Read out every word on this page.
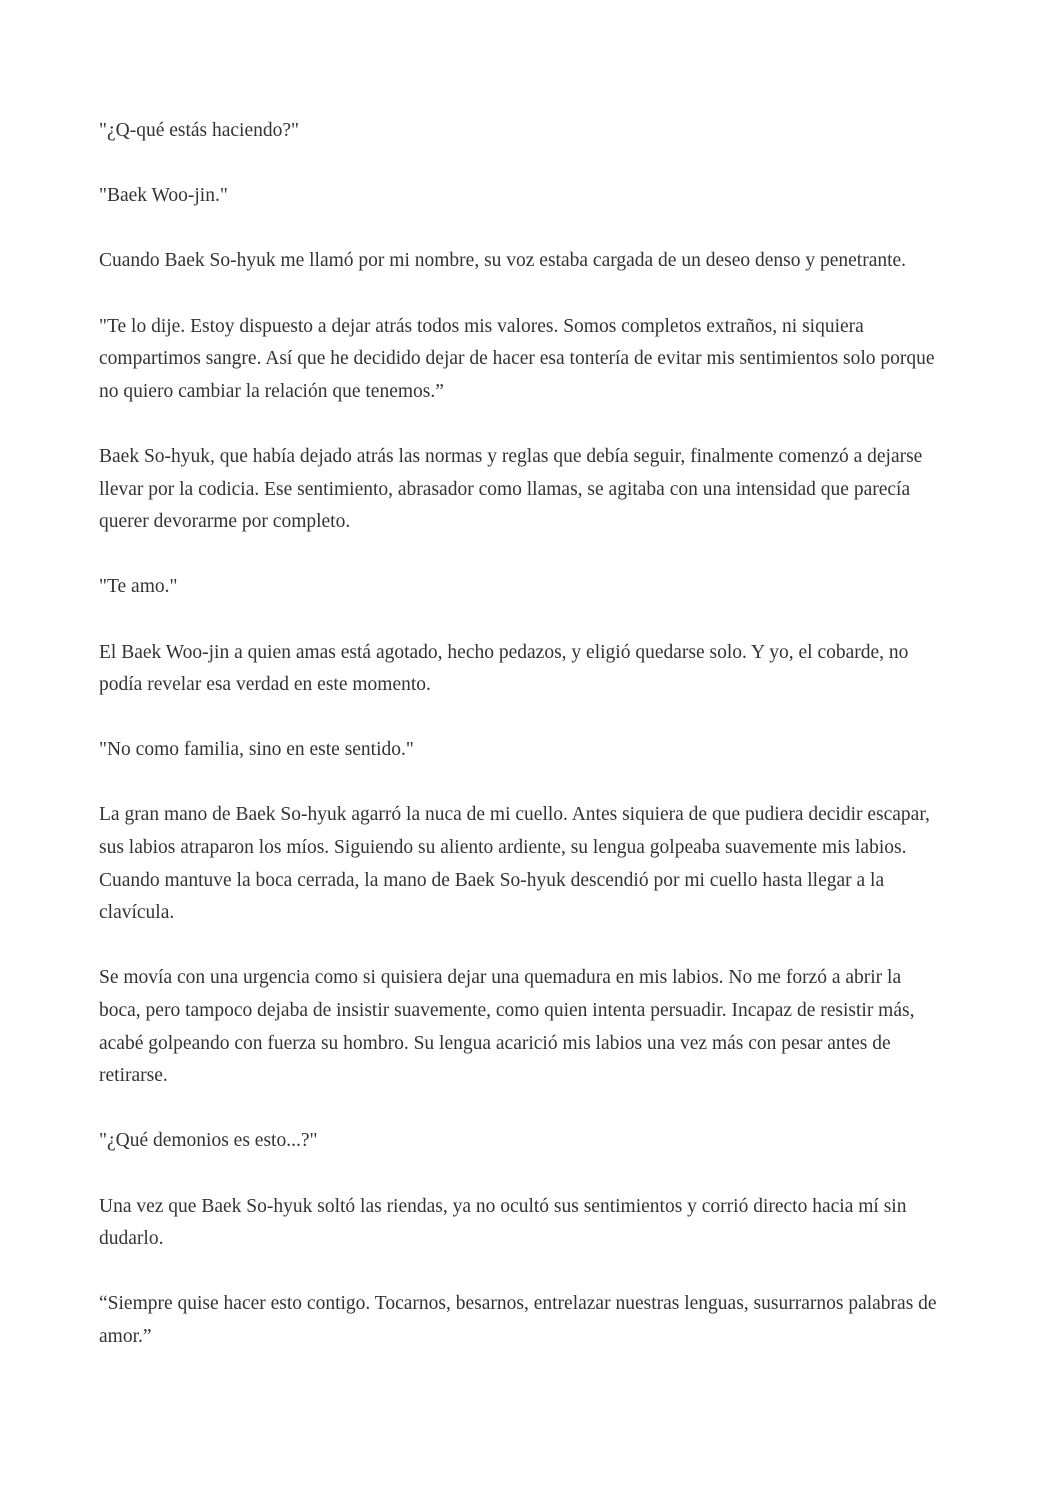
"¿Q-qué estás haciendo?"

"Baek Woo-jin."

Cuando Baek So-hyuk me llamó por mi nombre, su voz estaba cargada de un deseo denso y penetrante.

"Te lo dije. Estoy dispuesto a dejar atrás todos mis valores. Somos completos extraños, ni siquiera compartimos sangre. Así que he decidido dejar de hacer esa tontería de evitar mis sentimientos solo porque no quiero cambiar la relación que tenemos.”

Baek So-hyuk, que había dejado atrás las normas y reglas que debía seguir, finalmente comenzó a dejarse llevar por la codicia. Ese sentimiento, abrasador como llamas, se agitaba con una intensidad que parecía querer devorarme por completo.

"Te amo."

El Baek Woo-jin a quien amas está agotado, hecho pedazos, y eligió quedarse solo. Y yo, el cobarde, no podía revelar esa verdad en este momento.

"No como familia, sino en este sentido."

La gran mano de Baek So-hyuk agarró la nuca de mi cuello. Antes siquiera de que pudiera decidir escapar, sus labios atraparon los míos. Siguiendo su aliento ardiente, su lengua golpeaba suavemente mis labios. Cuando mantuve la boca cerrada, la mano de Baek So-hyuk descendió por mi cuello hasta llegar a la clavícula.

Se movía con una urgencia como si quisiera dejar una quemadura en mis labios. No me forzó a abrir la boca, pero tampoco dejaba de insistir suavemente, como quien intenta persuadir. Incapaz de resistir más, acabé golpeando con fuerza su hombro. Su lengua acarició mis labios una vez más con pesar antes de retirarse.

"¿Qué demonios es esto...?"

Una vez que Baek So-hyuk soltó las riendas, ya no ocultó sus sentimientos y corrió directo hacia mí sin dudarlo.

“Siempre quise hacer esto contigo. Tocarnos, besarnos, entrelazar nuestras lenguas, susurrarnos palabras de amor.”
